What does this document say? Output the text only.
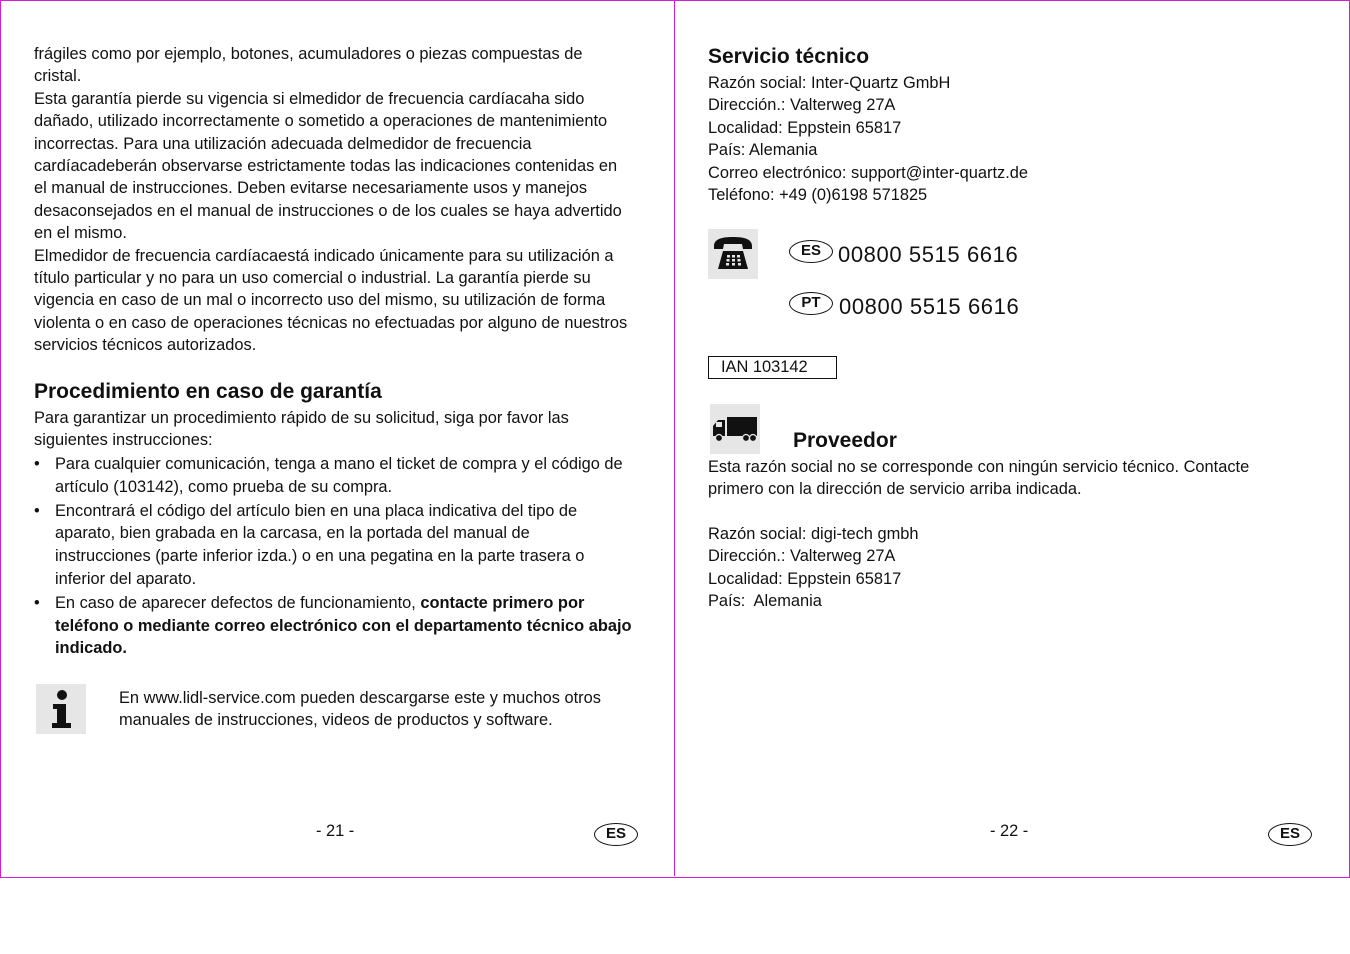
frágiles como por ejemplo, botones, acumuladores o piezas compuestas de

cristal.

Esta garantía pierde su vigencia si elmedidor de frecuencia cardíacaha sido

dañado, utilizado incorrectamente o sometido a operaciones de mantenimiento

incorrectas. Para una utilización adecuada delmedidor de frecuencia

cardíacadeberán observarse estrictamente todas las indicaciones contenidas en

el manual de instrucciones. Deben evitarse necesariamente usos y manejos

desaconsejados en el manual de instrucciones o de los cuales se haya advertido

en el mismo.

Elmedidor de frecuencia cardíacaestá indicado únicamente para su utilización a

título particular y no para un uso comercial o industrial. La garantía pierde su

vigencia en caso de un mal o incorrecto uso del mismo, su utilización de forma

violenta o en caso de operaciones técnicas no efectuadas por alguno de nuestros

servicios técnicos autorizados.

Procedimiento en caso de garantía

Para garantizar un procedimiento rápido de su solicitud, siga por favor las

siguientes instrucciones:

• Para cualquier comunicación, tenga a mano el ticket de compra y el código de
artículo (103142), como prueba de su compra.
• Encontrará el código del artículo bien en una placa indicativa del tipo de
aparato, bien grabada en la carcasa, en la portada del manual de
instrucciones (parte inferior izda.) o en una pegatina en la parte trasera o
inferior del aparato.
• En caso de aparecer defectos de funcionamiento, contacte primero por
teléfono o mediante correo electrónico con el departamento técnico abajo
indicado.

En www.lidl-service.com pueden descargarse este y muchos otros

manuales de instrucciones, videos de productos y software.

- 21 -	ES
Servicio técnico

Razón social: Inter-Quartz GmbH

Dirección.: Valterweg 27A

Localidad: Eppstein 65817

País: Alemania

Correo electrónico: support@inter-quartz.de

Teléfono: +49 (0)6198 571825

ES 00800 5515 6616
PT 00800 5515 6616
IAN 103142
Proveedor

Esta razón social no se corresponde con ningún servicio técnico. Contacte

primero con la dirección de servicio arriba indicada.

Razón social: digi-tech gmbh

Dirección.: Valterweg 27A

Localidad: Eppstein 65817

País:  Alemania

- 22 -	ES
